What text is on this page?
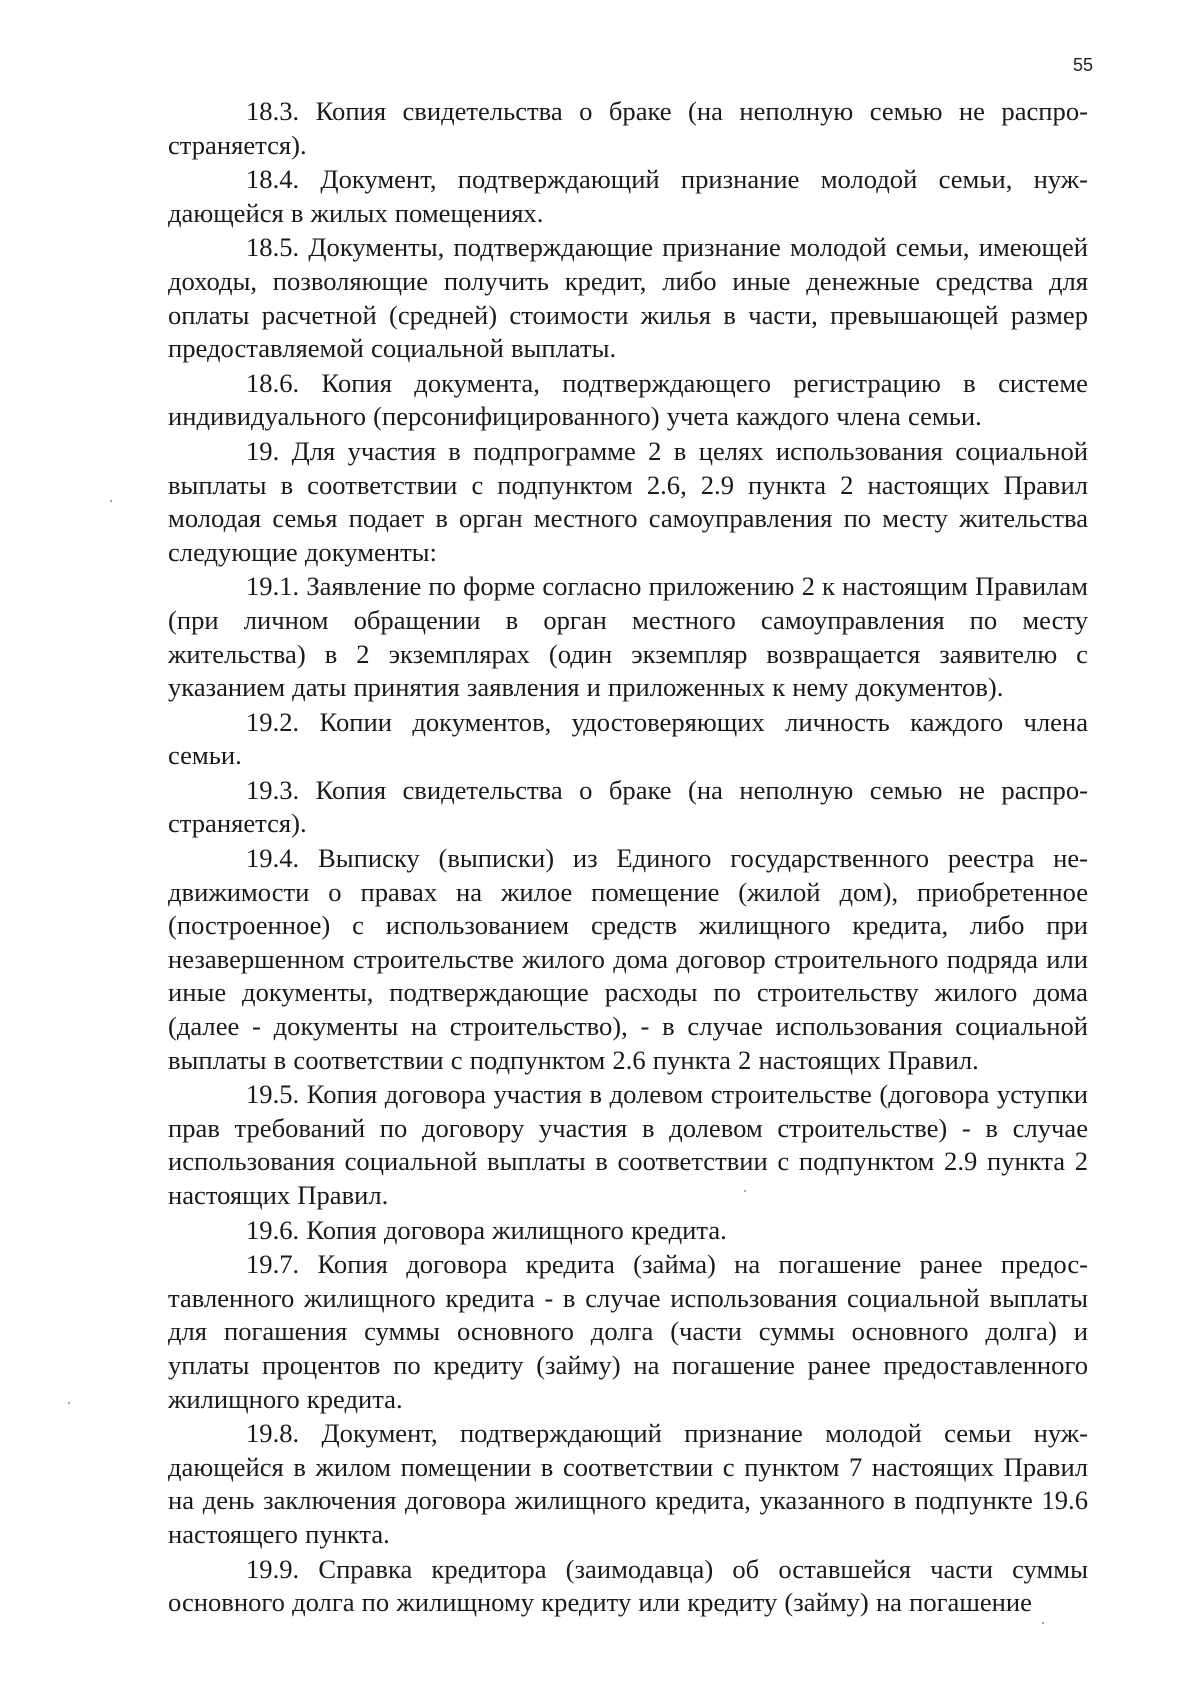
55

18.3. Копия свидетельства о браке (на неполную семью не распространяется).

18.4. Документ, подтверждающий признание молодой семьи, нуждающейся в жилых помещениях.

18.5. Документы, подтверждающие признание молодой семьи, имеющей доходы, позволяющие получить кредит, либо иные денежные средства для оплаты расчетной (средней) стоимости жилья в части, превышающей размер предоставляемой социальной выплаты.

18.6. Копия документа, подтверждающего регистрацию в системе индивидуального (персонифицированного) учета каждого члена семьи.

19. Для участия в подпрограмме 2 в целях использования социальной выплаты в соответствии с подпунктом 2.6, 2.9 пункта 2 настоящих Правил молодая семья подает в орган местного самоуправления по месту жительства следующие документы:

19.1. Заявление по форме согласно приложению 2 к настоящим Правилам (при личном обращении в орган местного самоуправления по месту жительства) в 2 экземплярах (один экземпляр возвращается заявителю с указанием даты принятия заявления и приложенных к нему документов).

19.2. Копии документов, удостоверяющих личность каждого члена семьи.

19.3. Копия свидетельства о браке (на неполную семью не распространяется).

19.4. Выписку (выписки) из Единого государственного реестра недвижимости о правах на жилое помещение (жилой дом), приобретенное (построенное) с использованием средств жилищного кредита, либо при незавершенном строительстве жилого дома договор строительного подряда или иные документы, подтверждающие расходы по строительству жилого дома (далее - документы на строительство), - в случае использования социальной выплаты в соответствии с подпунктом 2.6 пункта 2 настоящих Правил.

19.5. Копия договора участия в долевом строительстве (договора уступки прав требований по договору участия в долевом строительстве) - в случае использования социальной выплаты в соответствии с подпунктом 2.9 пункта 2 настоящих Правил.

19.6. Копия договора жилищного кредита.

19.7. Копия договора кредита (займа) на погашение ранее предоставленного жилищного кредита - в случае использования социальной выплаты для погашения суммы основного долга (части суммы основного долга) и уплаты процентов по кредиту (займу) на погашение ранее предоставленного жилищного кредита.

19.8. Документ, подтверждающий признание молодой семьи нуждающейся в жилом помещении в соответствии с пунктом 7 настоящих Правил на день заключения договора жилищного кредита, указанного в подпункте 19.6 настоящего пункта.

19.9. Справка кредитора (заимодавца) об оставшейся части суммы основного долга по жилищному кредиту или кредиту (займу) на погашение
